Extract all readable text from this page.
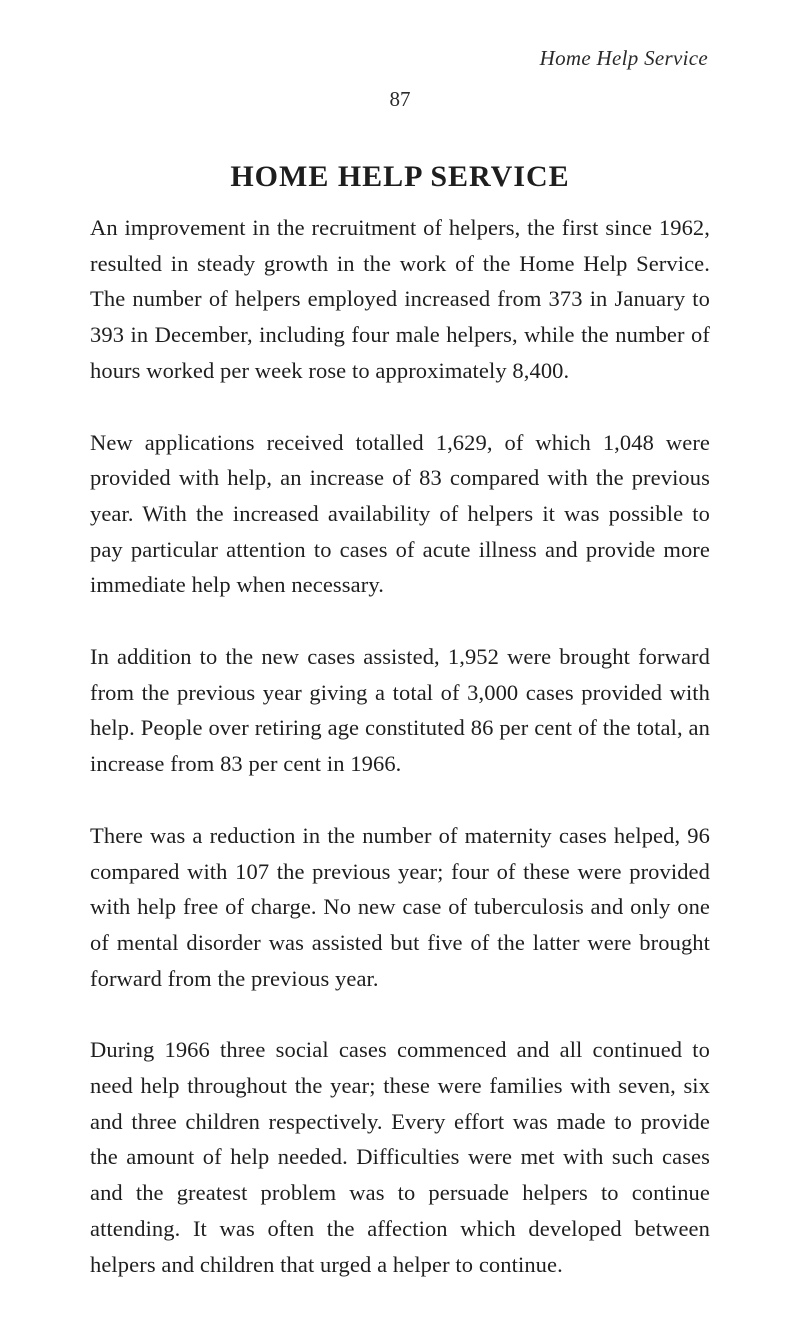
Home Help Service
87
HOME HELP SERVICE

An improvement in the recruitment of helpers, the first since 1962, resulted in steady growth in the work of the Home Help Service. The number of helpers employed increased from 373 in January to 393 in December, including four male helpers, while the number of hours worked per week rose to approximately 8,400.

New applications received totalled 1,629, of which 1,048 were provided with help, an increase of 83 compared with the previous year. With the increased availability of helpers it was possible to pay particular attention to cases of acute illness and provide more immediate help when necessary.

In addition to the new cases assisted, 1,952 were brought forward from the previous year giving a total of 3,000 cases provided with help. People over retiring age constituted 86 per cent of the total, an increase from 83 per cent in 1966.

There was a reduction in the number of maternity cases helped, 96 compared with 107 the previous year; four of these were provided with help free of charge. No new case of tuberculosis and only one of mental disorder was assisted but five of the latter were brought forward from the previous year.

During 1966 three social cases commenced and all continued to need help throughout the year; these were families with seven, six and three children respectively. Every effort was made to provide the amount of help needed. Difficulties were met with such cases and the greatest problem was to persuade helpers to continue attending. It was often the affection which developed between helpers and children that urged a helper to continue.
